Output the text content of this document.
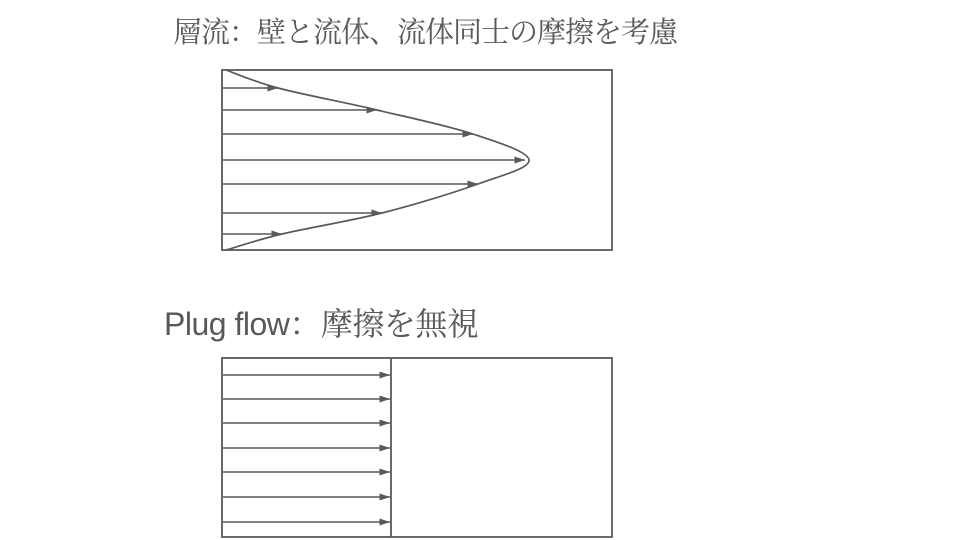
層流：壁と流体、流体同士の摩擦を考慮
Plug flow：摩擦を無視
